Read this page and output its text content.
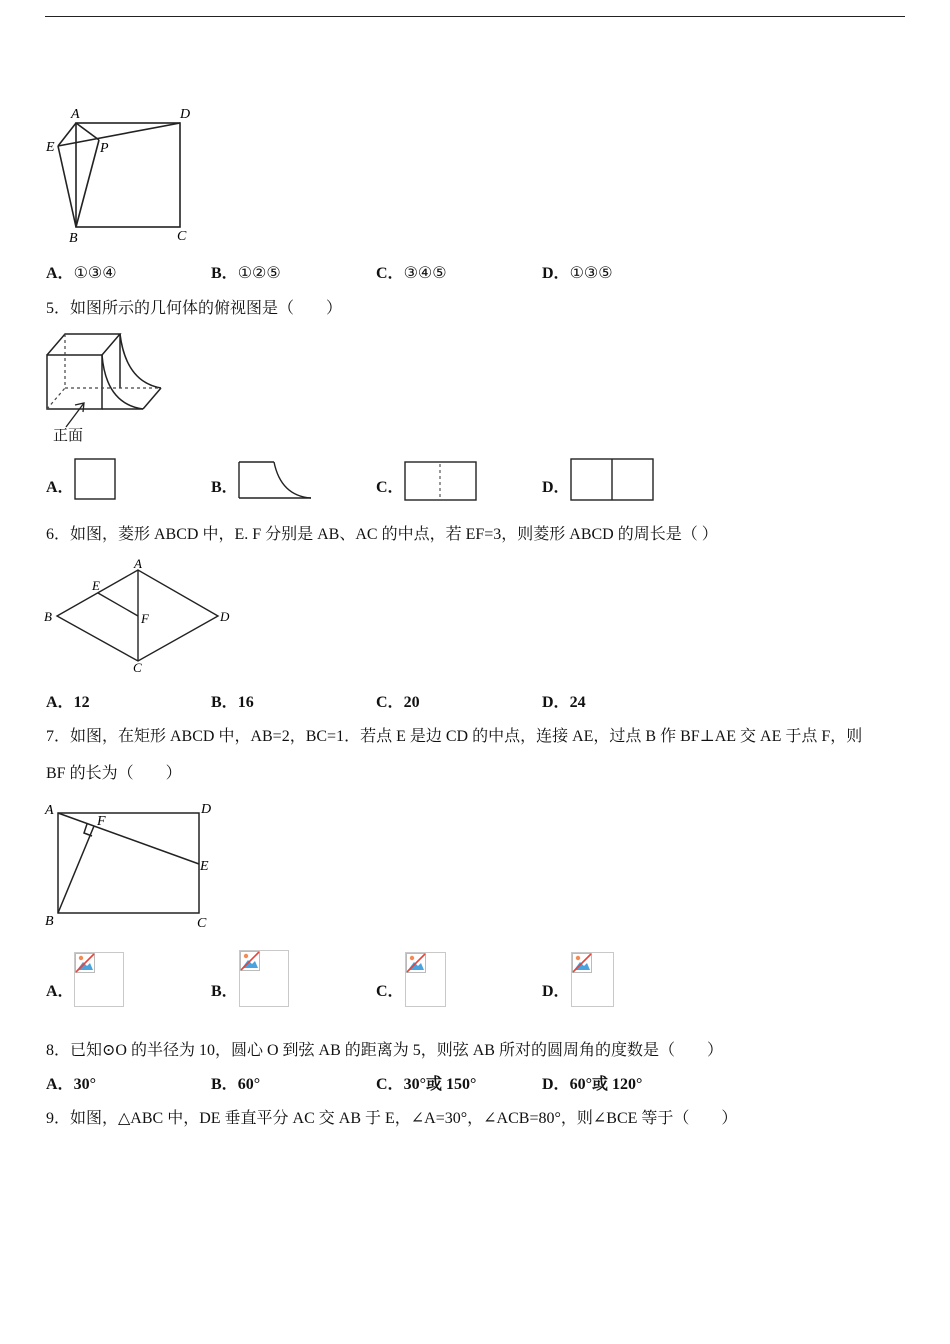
A	D
E	P
B	C
A．①③④	B．①②⑤	C．③④⑤	D．①③⑤
5．如图所示的几何体的俯视图是（　　）
正面
A．	B．	C．	D．
6．如图，菱形 ABCD 中，E. F 分别是 AB、AC 的中点，若 EF=3，则菱形 ABCD 的周长是（ ）
A
E
B	F	D
C
A．12	B．16	C．20	D．24
7．如图，在矩形 ABCD 中，AB=2，BC=1．若点 E 是边 CD 的中点，连接 AE，过点 B 作 BF⊥AE 交 AE 于点 F，则
BF 的长为（　　）
A	D
F
E
B	C
A．	B．	C．	D．
8．已知⊙O 的半径为 10，圆心 O 到弦 AB 的距离为 5，则弦 AB 所对的圆周角的度数是（　　）
A．30°	B．60°	C．30°或 150°	D．60°或 120°
9．如图，△ABC 中，DE 垂直平分 AC 交 AB 于 E，∠A=30°，∠ACB=80°，则∠BCE 等于（　　）
